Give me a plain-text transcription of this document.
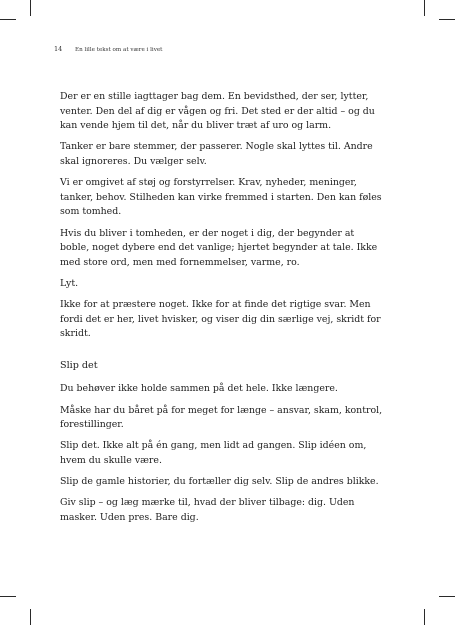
14 En lille tekst om at være i livet

Der er en stille iagttager bag dem. En bevidsthed, der ser, lytter, venter. Den del af dig er vågen og fri. Det sted er der altid – og du kan vende hjem til det, når du bliver træt af uro og larm.

Tanker er bare stemmer, der passerer. Nogle skal lyttes til. Andre skal ignoreres. Du vælger selv.

Vi er omgivet af støj og forstyrrelser. Krav, nyheder, meninger, tanker, behov. Stilheden kan virke fremmed i starten. Den kan føles som tomhed.

Hvis du bliver i tomheden, er der noget i dig, der begynder at boble, noget dybere end det vanlige; hjertet begynder at tale. Ikke med store ord, men med fornemmelser, varme, ro.

Lyt.

Ikke for at præstere noget. Ikke for at finde det rigtige svar. Men fordi det er her, livet hvisker, og viser dig din særlige vej, skridt for skridt.

Slip det

Du behøver ikke holde sammen på det hele. Ikke længere.

Måske har du båret på for meget for længe – ansvar, skam, kontrol, forestillinger.

Slip det. Ikke alt på én gang, men lidt ad gangen. Slip idéen om, hvem du skulle være.

Slip de gamle historier, du fortæller dig selv. Slip de andres blikke.

Giv slip – og læg mærke til, hvad der bliver tilbage: dig. Uden masker. Uden pres. Bare dig.
